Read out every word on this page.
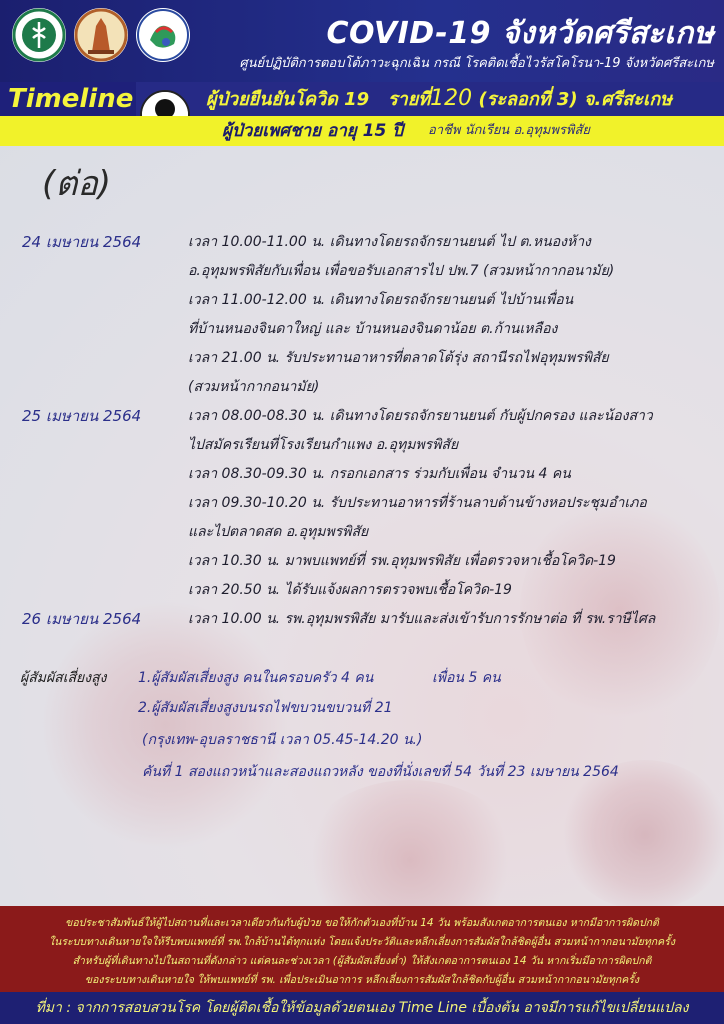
COVID-19 จังหวัดศรีสะเกษ
ศูนย์ปฏิบัติการตอบโต้ภาวะฉุกเฉิน กรณี โรคติดเชื้อไวรัสโคโรนา-19 จังหวัดศรีสะเกษ
Timeline	ผู้ป่วยยืนยันโควิด 19 รายที่120 (ระลอกที่ 3) จ.ศรีสะเกษ
ผู้ป่วยเพศชาย อายุ 15 ปี อาชีพ นักเรียน อ.อุทุมพรพิสัย
(ต่อ)
24 เมษายน 2564	เวลา 10.00-11.00 น. เดินทางโดยรถจักรยานยนต์ ไป ต.หนองห้าง
อ.อุทุมพรพิสัยกับเพื่อน เพื่อขอรับเอกสารไป ปพ.7 (สวมหน้ากากอนามัย)
เวลา 11.00-12.00 น. เดินทางโดยรถจักรยานยนต์ ไปบ้านเพื่อน
ที่บ้านหนองจินดาใหญ่ และ บ้านหนองจินดาน้อย ต.ก้านเหลือง
เวลา 21.00 น. รับประทานอาหารที่ตลาดโต้รุ่ง สถานีรถไฟอุทุมพรพิสัย
(สวมหน้ากากอนามัย)
25 เมษายน 2564	เวลา 08.00-08.30 น. เดินทางโดยรถจักรยานยนต์ กับผู้ปกครอง และน้องสาว
ไปสมัครเรียนที่โรงเรียนกำแพง อ.อุทุมพรพิสัย
เวลา 08.30-09.30 น. กรอกเอกสาร ร่วมกับเพื่อน จำนวน 4 คน
เวลา 09.30-10.20 น. รับประทานอาหารที่ร้านลาบด้านข้างหอประชุมอำเภอ
และไปตลาดสด อ.อุทุมพรพิสัย
เวลา 10.30 น. มาพบแพทย์ที่ รพ.อุทุมพรพิสัย เพื่อตรวจหาเชื้อโควิด-19
เวลา 20.50 น. ได้รับแจ้งผลการตรวจพบเชื้อโควิด-19
26 เมษายน 2564	เวลา 10.00 น. รพ.อุทุมพรพิสัย มารับและส่งเข้ารับการรักษาต่อ ที่ รพ.ราษีไศล
ผู้สัมผัสเสี่ยงสูง 1.ผู้สัมผัสเสี่ยงสูง คนในครอบครัว 4 คน	เพื่อน 5 คน
2.ผู้สัมผัสเสี่ยงสูงบนรถไฟขบวนขบวนที่ 21
(กรุงเทพ-อุบลราชธานี เวลา 05.45-14.20 น.)
คันที่ 1 สองแถวหน้าและสองแถวหลัง ของที่นั่งเลขที่ 54 วันที่ 23 เมษายน 2564
ขอประชาสัมพันธ์ให้ผู้ไปสถานที่และเวลาเดียวกันกับผู้ป่วย ขอให้กักตัวเองที่บ้าน 14 วัน พร้อมสังเกตอาการตนเอง หากมีอาการผิดปกติ
ในระบบทางเดินหายใจให้รีบพบแพทย์ที่ รพ.ใกล้บ้านได้ทุกแห่ง โดยแจ้งประวัติและหลีกเลี่ยงการสัมผัสใกล้ชิดผู้อื่น สวมหน้ากากอนามัยทุกครั้ง
สำหรับผู้ที่เดินทางไปในสถานที่ดังกล่าว แต่คนละช่วงเวลา (ผู้สัมผัสเสี่ยงต่ำ) ให้สังเกตอาการตนเอง 14 วัน หากเริ่มมีอาการผิดปกติ
ของระบบทางเดินหายใจ ให้พบแพทย์ที่ รพ. เพื่อประเมินอาการ หลีกเลี่ยงการสัมผัสใกล้ชิดกับผู้อื่น สวมหน้ากากอนามัยทุกครั้ง
ที่มา : จากการสอบสวนโรค โดยผู้ติดเชื้อให้ข้อมูลด้วยตนเอง Time Line เบื้องต้น อาจมีการแก้ไขเปลี่ยนแปลง
